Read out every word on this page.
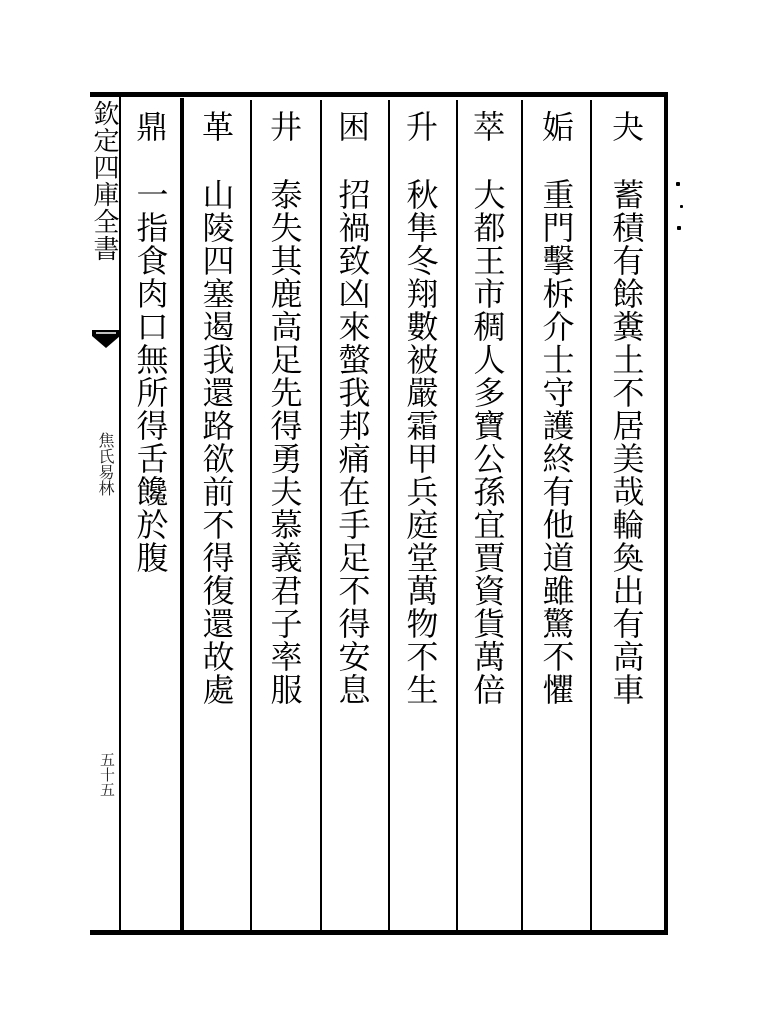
欽定四庫全書
焦氏易林
五十五
夬
蓄積有餘糞土不居美哉輪奐出有高車
姤
重門擊柝介士守護終有他道雖驚不懼
萃
大都王市稠人多寶公孫宜賈資貨萬倍
升
秋隼冬翔數被嚴霜甲兵庭堂萬物不生
困
招禍致凶來螫我邦痛在手足不得安息
井
泰失其鹿高足先得勇夫慕義君子率服
革
山陵四塞遏我還路欲前不得復還故處
鼎
一指食肉口無所得舌饞於腹
